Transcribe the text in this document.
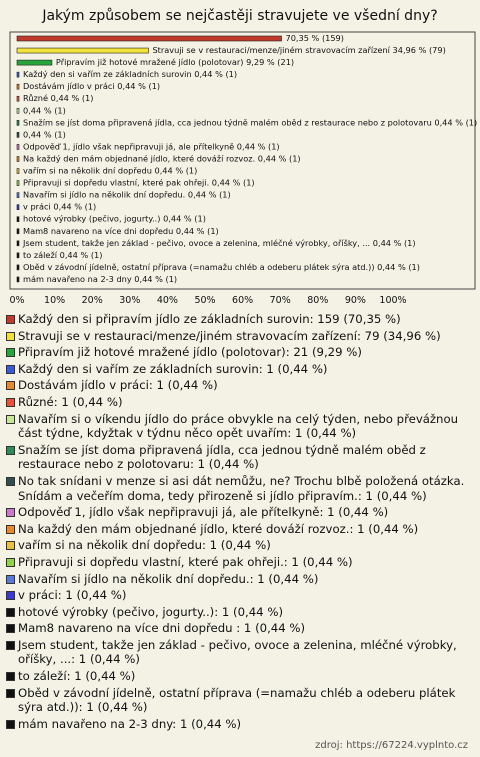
Jakým způsobem se nejčastěji stravujete ve všední dny?
70,35 % (159)
Stravuji se v restauraci/menze/jiném stravovacím zařízení 34,96 % (79)
Připravím již hotové mražené jídlo (polotovar) 9,29 % (21)
Každý den si vařím ze základních surovin 0,44 % (1)
Dostávám jídlo v práci 0,44 % (1)
Různé 0,44 % (1)
0,44 % (1)
Snažím se jíst doma připravená jídla, cca jednou týdně malém oběd z restaurace nebo z polotovaru 0,44 % (1)
0,44 % (1)
Odpověď 1, jídlo však nepřipravuji já, ale přítelkyně 0,44 % (1)
Na každý den mám objednané jídlo, které dováží rozvoz. 0,44 % (1)
vařím si na několik dní dopředu 0,44 % (1)
Připravuji si dopředu vlastní, které pak ohřeji. 0,44 % (1)
Navařím si jídlo na několik dní dopředu. 0,44 % (1)
v práci 0,44 % (1)
hotové výrobky (pečivo, jogurty..) 0,44 % (1)
Mam8 navareno na více dni dopředu 0,44 % (1)
Jsem student, takže jen základ - pečivo, ovoce a zelenina, mléčné výrobky, oříšky, ... 0,44 % (1)
to záleží 0,44 % (1)
Oběd v závodní jídelně, ostatní příprava (=namažu chléb a odeberu plátek sýra atd.)) 0,44 % (1)
mám navařeno na 2-3 dny 0,44 % (1)
0% 10% 20% 30% 40% 50% 60% 70% 80% 90% 100%
Každý den si připravím jídlo ze základních surovin: 159 (70,35 %)
Stravuji se v restauraci/menze/jiném stravovacím zařízení: 79 (34,96 %)
Připravím již hotové mražené jídlo (polotovar): 21 (9,29 %)
Každý den si vařím ze základních surovin: 1 (0,44 %)
Dostávám jídlo v práci: 1 (0,44 %)
Různé: 1 (0,44 %)
Navařím si o víkendu jídlo do práce obvykle na celý týden, nebo převážnou část týdne, kdyžtak v týdnu něco opět uvařím: 1 (0,44 %)
Snažím se jíst doma připravená jídla, cca jednou týdně malém oběd z restaurace nebo z polotovaru: 1 (0,44 %)
No tak snídani v menze si asi dát nemůžu, ne? Trochu blbě položená otázka. Snídám a večeřím doma, tedy přirozeně si jídlo připravím.: 1 (0,44 %)
Odpověď 1, jídlo však nepřipravuji já, ale přítelkyně: 1 (0,44 %)
Na každý den mám objednané jídlo, které dováží rozvoz.: 1 (0,44 %)
vařím si na několik dní dopředu: 1 (0,44 %)
Připravuji si dopředu vlastní, které pak ohřeji.: 1 (0,44 %)
Navařím si jídlo na několik dní dopředu.: 1 (0,44 %)
v práci: 1 (0,44 %)
hotové výrobky (pečivo, jogurty..): 1 (0,44 %)
Mam8 navareno na více dni dopředu : 1 (0,44 %)
Jsem student, takže jen základ - pečivo, ovoce a zelenina, mléčné výrobky, oříšky, ...: 1 (0,44 %)
to záleží: 1 (0,44 %)
Oběd v závodní jídelně, ostatní příprava (=namažu chléb a odeberu plátek sýra atd.)): 1 (0,44 %)
mám navařeno na 2-3 dny: 1 (0,44 %)
zdroj: https://67224.vyplnto.cz
